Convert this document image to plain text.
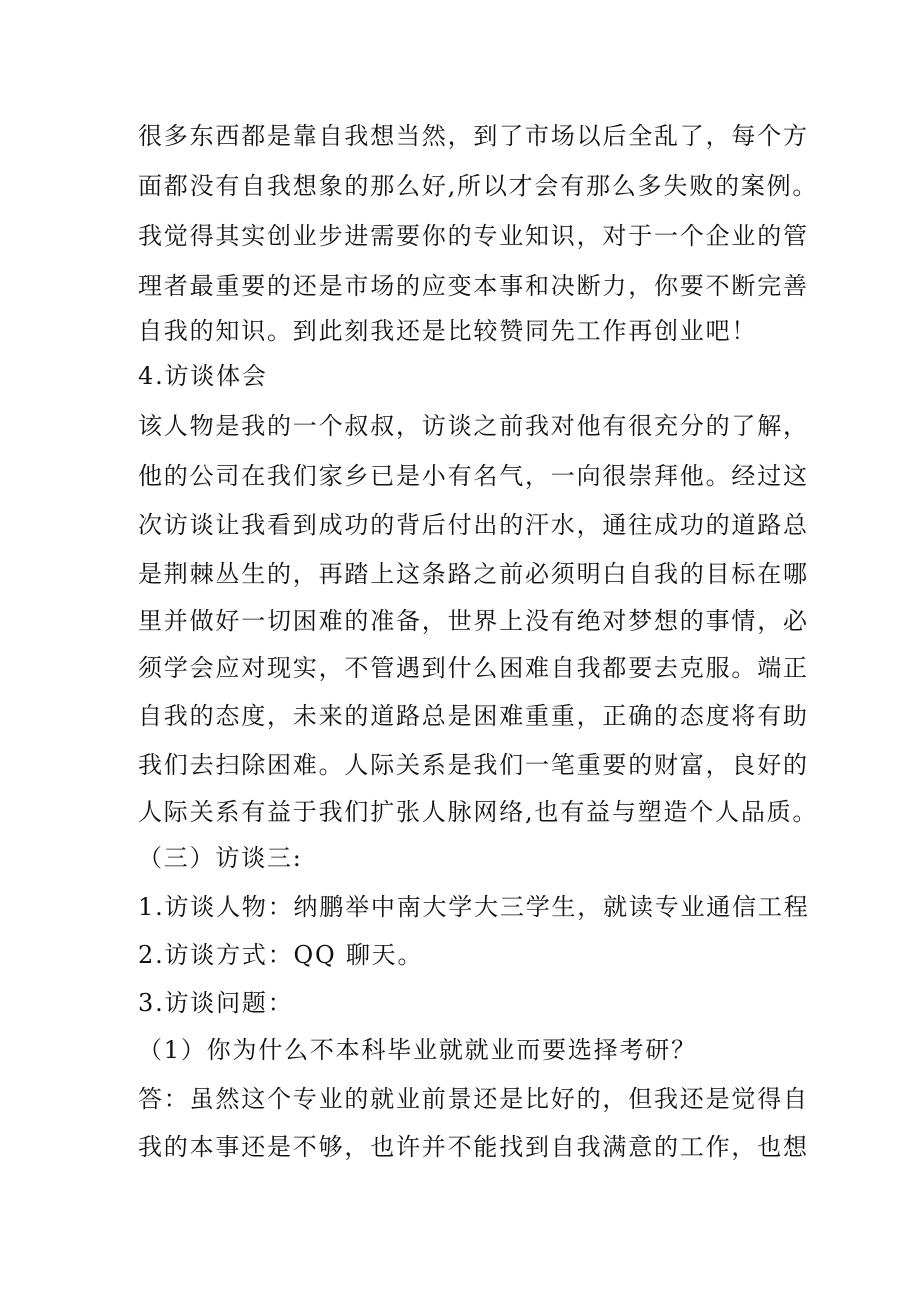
很多东西都是靠自我想当然，到了市场以后全乱了，每个方
面都没有自我想象的那么好,所以才会有那么多失败的案例。
我觉得其实创业步进需要你的专业知识，对于一个企业的管
理者最重要的还是市场的应变本事和决断力，你要不断完善
自我的知识。到此刻我还是比较赞同先工作再创业吧！
4.访谈体会
该人物是我的一个叔叔，访谈之前我对他有很充分的了解，
他的公司在我们家乡已是小有名气，一向很崇拜他。经过这
次访谈让我看到成功的背后付出的汗水，通往成功的道路总
是荆棘丛生的，再踏上这条路之前必须明白自我的目标在哪
里并做好一切困难的准备，世界上没有绝对梦想的事情，必
须学会应对现实，不管遇到什么困难自我都要去克服。端正
自我的态度，未来的道路总是困难重重，正确的态度将有助
我们去扫除困难。人际关系是我们一笔重要的财富，良好的
人际关系有益于我们扩张人脉网络,也有益与塑造个人品质。
（三）访谈三:
1.访谈人物：纳鹏举中南大学大三学生，就读专业通信工程
2.访谈方式：QQ 聊天。
3.访谈问题：
（1）你为什么不本科毕业就就业而要选择考研？
答：虽然这个专业的就业前景还是比好的，但我还是觉得自
我的本事还是不够，也许并不能找到自我满意的工作，也想
